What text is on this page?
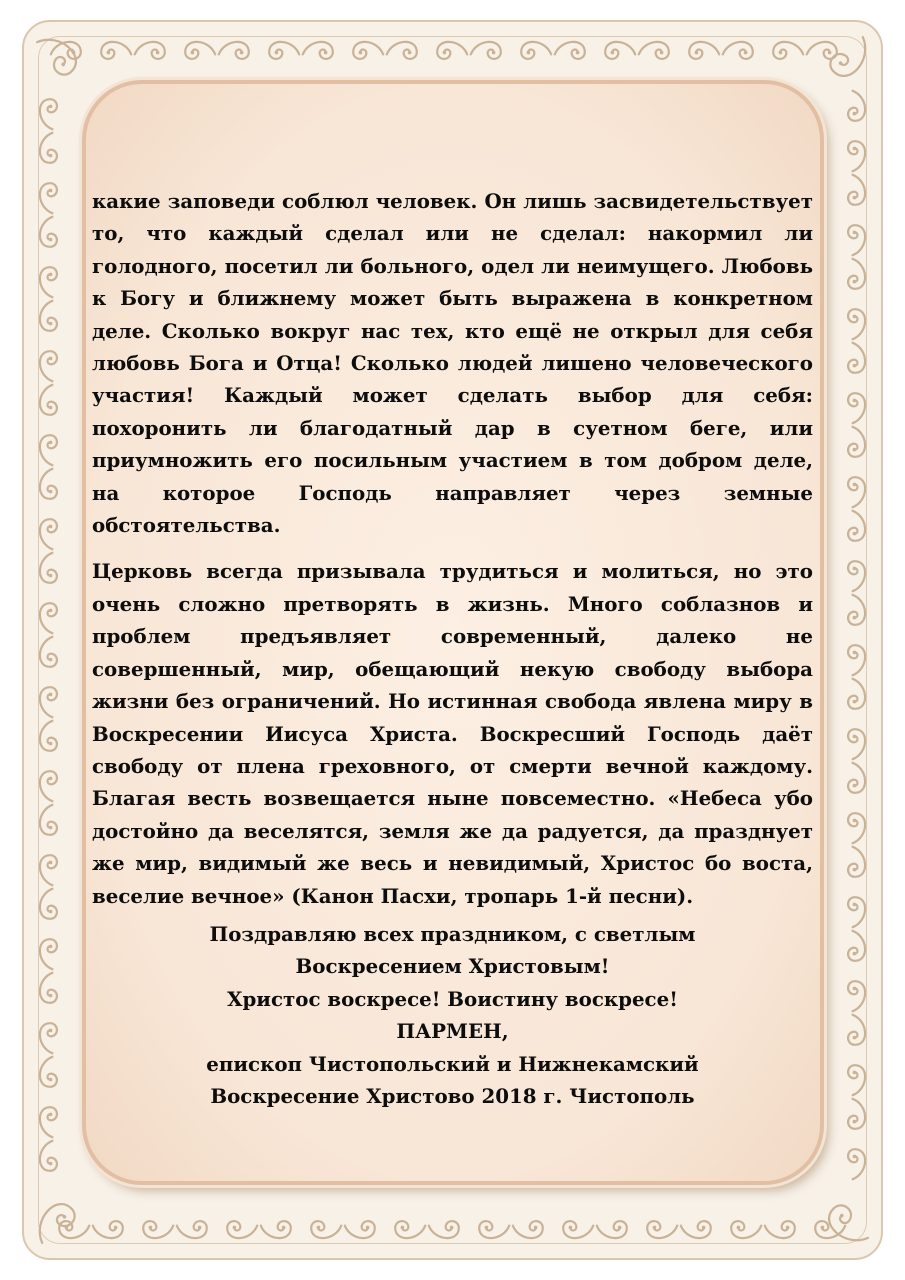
какие заповеди соблюл человек. Он лишь засвидетельствует то, что каждый сделал или не сделал: накормил ли голодного, посетил ли больного, одел ли неимущего. Любовь к Богу и ближнему может быть выражена в конкретном деле. Сколько вокруг нас тех, кто ещё не открыл для себя любовь Бога и Отца! Сколько людей лишено человеческого участия! Каждый может сделать выбор для себя: похоронить ли благодатный дар в суетном беге, или приумножить его посильным участием в том добром деле, на которое Господь направляет через земные обстоятельства.

Церковь всегда призывала трудиться и молиться, но это очень сложно претворять в жизнь. Много соблазнов и проблем предъявляет современный, далеко не совершенный, мир, обещающий некую свободу выбора жизни без ограничений. Но истинная свобода явлена миру в Воскресении Иисуса Христа. Воскресший Господь даёт свободу от плена греховного, от смерти вечной каждому. Благая весть возвещается ныне повсеместно. «Небеса убо достойно да веселятся, земля же да радуется, да празднует же мир, видимый же весь и невидимый, Христос бо воста, веселие вечное» (Канон Пасхи, тропарь 1-й песни).

Поздравляю всех праздником, с светлым
Воскресением Христовым!
Христос воскресе! Воистину воскресе!
ПАРМЕН,
епископ Чистопольский и Нижнекамский
Воскресение Христово 2018 г. Чистополь
